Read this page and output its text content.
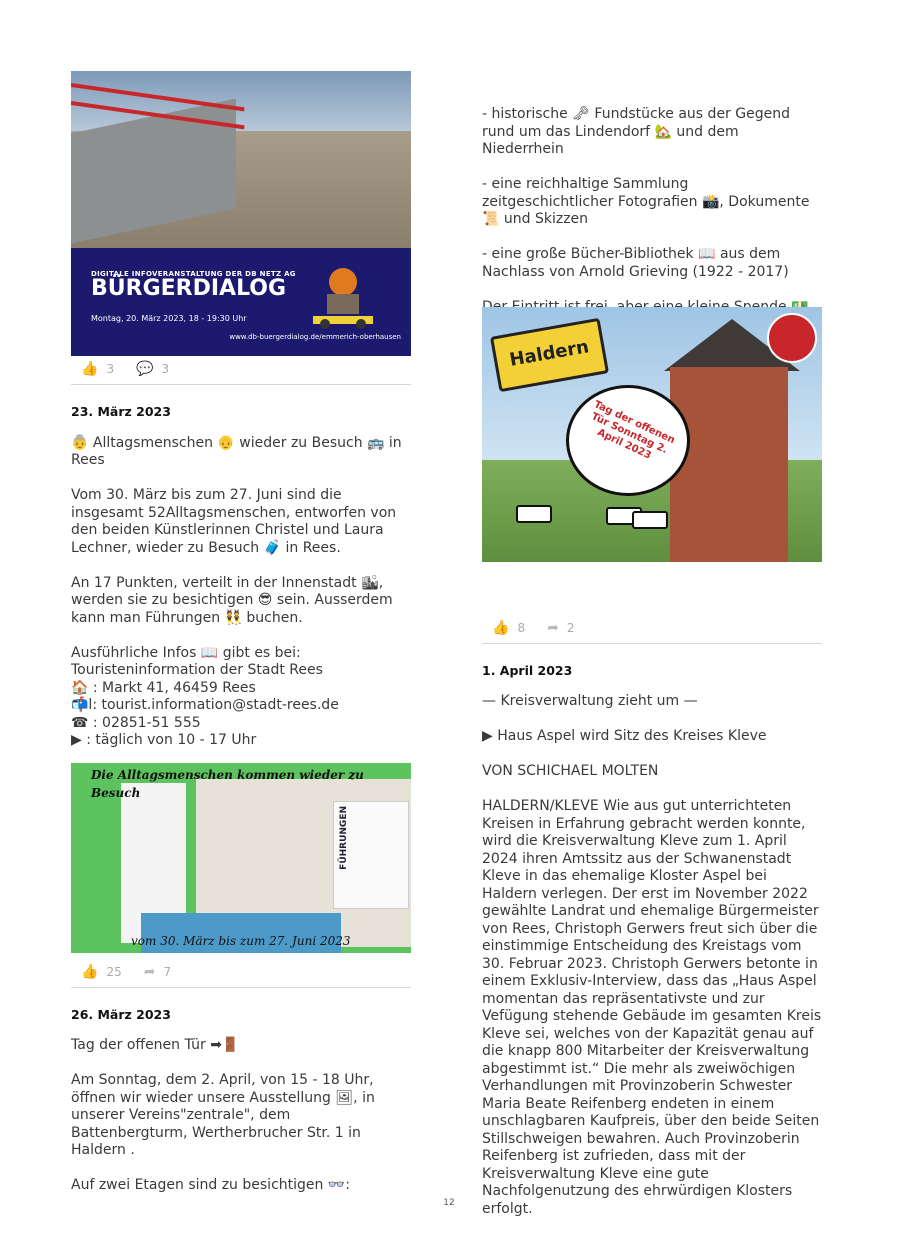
DIGITALE INFOVERANSTALTUNG DER DB NETZ AG
BÜRGERDIALOG
Montag, 20. März 2023, 18 - 19:30 Uhr
www.db-buergerdialog.de/emmerich-oberhausen
👍 3 💬 3
23. März 2023

👵 Alltagsmenschen 👴 wieder zu Besuch 🚌 in Rees

Vom 30. März bis zum 27. Juni sind die insgesamt 52Alltagsmenschen, entworfen von den beiden Künstlerinnen Christel und Laura Lechner, wieder zu Besuch 🧳 in Rees.

An 17 Punkten, verteilt in der Innenstadt 🏙, werden sie zu besichtigen 😎 sein. Ausserdem kann man Führungen 👯 buchen.

Ausführliche Infos 📖 gibt es bei:
Touristeninformation der Stadt Rees
🏠 : Markt 41, 46459 Rees
📬l: tourist.information@stadt-rees.de
☎ : 02851-51 555
▶ : täglich von 10 - 17 Uhr
👍 25 ➦ 7
26. März 2023

Tag der offenen Tür ➡🚪

Am Sonntag, dem 2. April, von 15 - 18 Uhr, öffnen wir wieder unsere Ausstellung 🖼, in unserer Vereins"zentrale", dem Battenbergturm, Wertherbrucher Str. 1 in Haldern .

Auf zwei Etagen sind zu besichtigen 👓:

FÜHRUNGEN
Die Alltagsmenschen kommen wieder zu Besuch
vom 30. März bis zum 27. Juni 2023

- historische 🗝 Fundstücke aus der Gegend rund um das Lindendorf 🏡 und dem Niederrhein

- eine reichhaltige Sammlung zeitgeschichtlicher Fotografien 📸, Dokumente 📜 und Skizzen

- eine große Bücher-Bibliothek 📖 aus dem Nachlass von Arnold Grieving (1922 - 2017)

👍 8 ➦ 2
1. April 2023

— Kreisverwaltung zieht um —

▶ Haus Aspel wird Sitz des Kreises Kleve

VON SCHICHAEL MOLTEN

HALDERN/KLEVE Wie aus gut unterrichteten Kreisen in Erfahrung gebracht werden konnte, wird die Kreisverwaltung Kleve zum 1. April 2024 ihren Amtssitz aus der Schwanenstadt Kleve in das ehemalige Kloster Aspel bei Haldern verlegen. Der erst im November 2022 gewählte Landrat und ehemalige Bürgermeister von Rees, Christoph Gerwers freut sich über die einstimmige Entscheidung des Kreistags vom 30. Februar 2023. Christoph Gerwers betonte in einem Exklusiv-Interview, dass das „Haus Aspel momentan das repräsentativste und zur Vefügung stehende Gebäude im gesamten Kreis Kleve sei, welches von der Kapazität genau auf die knapp 800 Mitarbeiter der Kreisverwaltung abgestimmt ist.“ Die mehr als zweiwöchigen Verhandlungen mit Provinzoberin Schwester Maria Beate Reifenberg endeten in einem unschlagbaren Kaufpreis, über den beide Seiten Stillschweigen bewahren. Auch Provinzoberin Reifenberg ist zufrieden, dass mit der Kreisverwaltung Kleve eine gute Nachfolgenutzung des ehrwürdigen Klosters erfolgt.

Haldern
Tag der offenen Tür Sonntag 2. April 2023
12
